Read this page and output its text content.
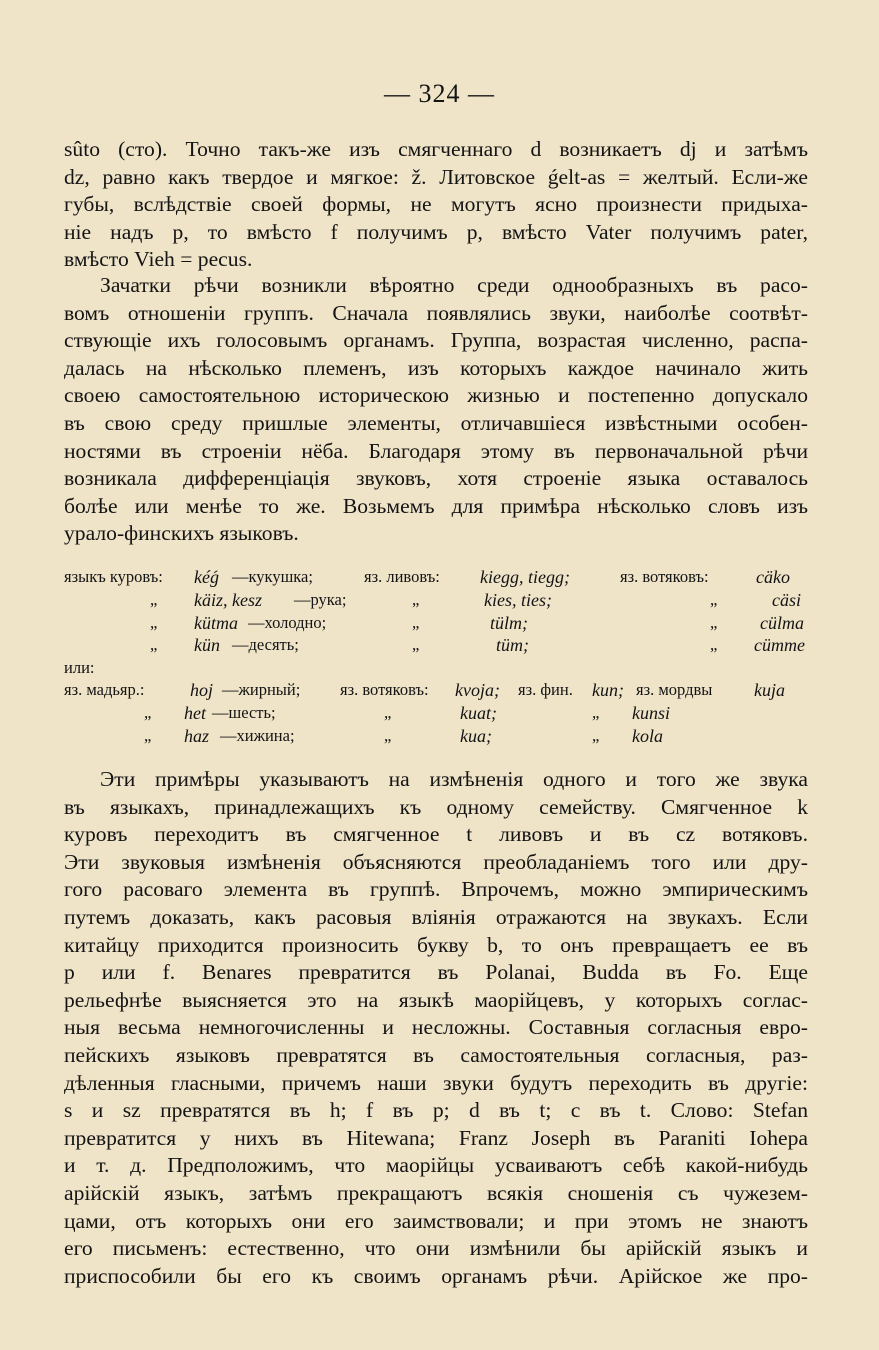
— 324 —
sûto (сто). Точно такъ-же изъ смягченнаго d возникаетъ dj и затѣмъ
dz, равно какъ твердое и мягкое: ž. Литовское ǵelt-as = желтый. Если-же
губы, вслѣдствіе своей формы, не могутъ ясно произнести придыха-
ніе надъ p, то вмѣсто f получимъ p, вмѣсто Vater получимъ pater,
вмѣсто Vieh = pecus.
Зачатки рѣчи возникли вѣроятно среди однообразныхъ въ расо-
вомъ отношеніи группъ. Сначала появлялись звуки, наиболѣе соотвѣт-
ствующіе ихъ голосовымъ органамъ. Группа, возрастая численно, распа-
далась на нѣсколько племенъ, изъ которыхъ каждое начинало жить
своею самостоятельною историческою жизнью и постепенно допускало
въ свою среду пришлые элементы, отличавшіеся извѣстными особен-
ностями въ строеніи нёба. Благодаря этому въ первоначальной рѣчи
возникала дифференціація звуковъ, хотя строеніе языка оставалось
болѣе или менѣе то же. Возьмемъ для примѣра нѣсколько словъ изъ
урало-финскихъ языковъ.
языкъ куровъ: kéǵ —кукушка;	яз. ливовъ: kiegg, tiegg;	яз. вотяковъ:	cäko
„ käiz, kesz —рука;	„	kies, ties;	„	cäsi
„ kütma —холодно;	„	tülm;	„ cülma
„ kün —десять;	„	tüm;	„ cümme
или:
яз. мадьяр.:	hoj —жирный; яз. вотяковъ: kvoja; яз. фин. kun; яз. мордвы kuja
„ het —шесть;	„	kuat;	„ kunsi
„ haz —хижина;	„	kua;	„ kola
Эти примѣры указываютъ на измѣненія одного и того же звука
въ языкахъ, принадлежащихъ къ одному семейству. Смягченное k
куровъ переходитъ въ смягченное t ливовъ и въ cz вотяковъ.
Эти звуковыя измѣненія объясняются преобладаніемъ того или дру-
гого расоваго элемента въ группѣ. Впрочемъ, можно эмпирическимъ
путемъ доказать, какъ расовыя вліянія отражаются на звукахъ. Если
китайцу приходится произносить букву b, то онъ превращаетъ ее въ
p или f. Benares превратится въ Polanai, Budda въ Fo. Еще
рельефнѣе выясняется это на языкѣ маорійцевъ, у которыхъ соглас-
ныя весьма немногочисленны и несложны. Составныя согласныя евро-
пейскихъ языковъ превратятся въ самостоятельныя согласныя, раз-
дѣленныя гласными, причемъ наши звуки будутъ переходить въ другіе:
s и sz превратятся въ h; f въ p; d въ t; c въ t. Слово: Stefan
превратится у нихъ въ Hitewana; Franz Joseph въ Paraniti Iohepa
и т. д. Предположимъ, что маорійцы усваиваютъ себѣ какой-нибудь
арійскій языкъ, затѣмъ прекращаютъ всякія сношенія съ чужезем-
цами, отъ которыхъ они его заимствовали; и при этомъ не знаютъ
его письменъ: естественно, что они измѣнили бы арійскій языкъ и
приспособили бы его къ своимъ органамъ рѣчи. Арійское же про-
